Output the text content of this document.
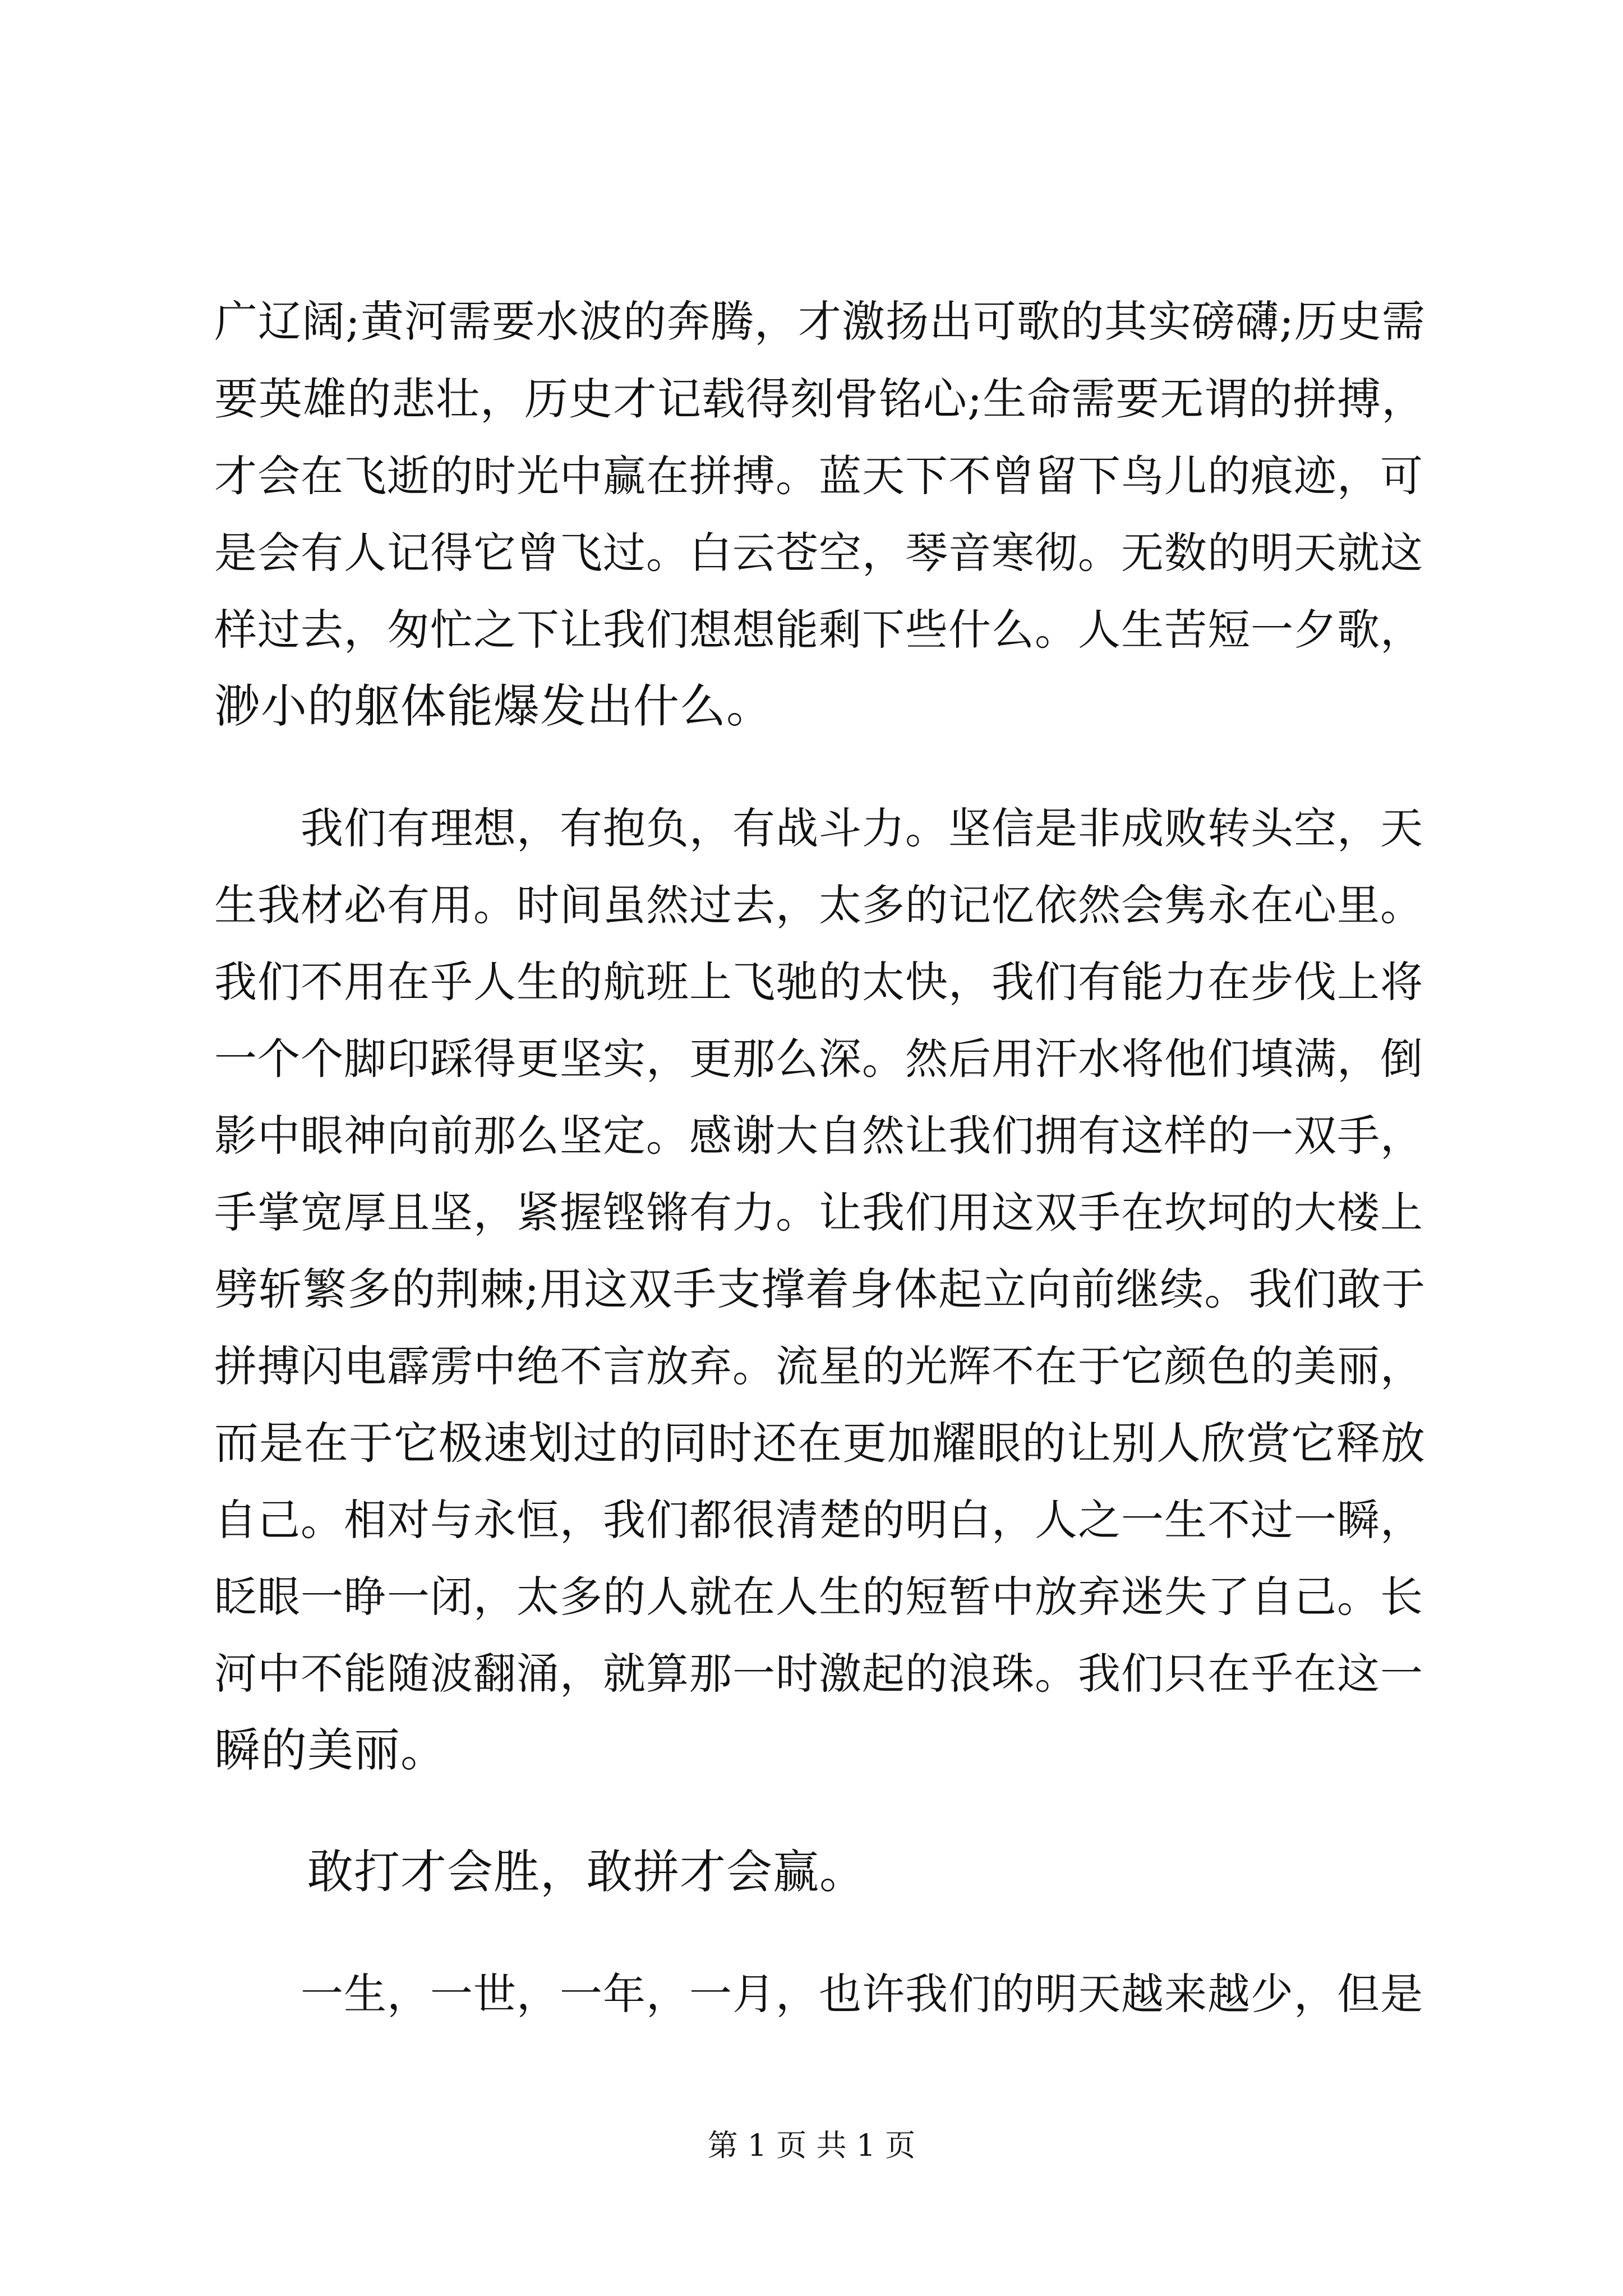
广辽阔;黄河需要水波的奔腾，才激扬出可歌的其实磅礴;历史需
要英雄的悲壮，历史才记载得刻骨铭心;生命需要无谓的拼搏，
才会在飞逝的时光中赢在拼搏。蓝天下不曾留下鸟儿的痕迹，可
是会有人记得它曾飞过。白云苍空，琴音寒彻。无数的明天就这
样过去，匆忙之下让我们想想能剩下些什么。人生苦短一夕歌，
渺小的躯体能爆发出什么。
　　我们有理想，有抱负，有战斗力。坚信是非成败转头空，天
生我材必有用。时间虽然过去，太多的记忆依然会隽永在心里。
我们不用在乎人生的航班上飞驰的太快，我们有能力在步伐上将
一个个脚印踩得更坚实，更那么深。然后用汗水将他们填满，倒
影中眼神向前那么坚定。感谢大自然让我们拥有这样的一双手，
手掌宽厚且坚，紧握铿锵有力。让我们用这双手在坎坷的大楼上
劈斩繁多的荆棘;用这双手支撑着身体起立向前继续。我们敢于
拼搏闪电霹雳中绝不言放弃。流星的光辉不在于它颜色的美丽，
而是在于它极速划过的同时还在更加耀眼的让别人欣赏它释放
自己。相对与永恒，我们都很清楚的明白，人之一生不过一瞬，
眨眼一睁一闭，太多的人就在人生的短暂中放弃迷失了自己。长
河中不能随波翻涌，就算那一时激起的浪珠。我们只在乎在这一
瞬的美丽。
　　敢打才会胜，敢拼才会赢。
　　一生，一世，一年，一月，也许我们的明天越来越少，但是
第 1 页 共 1 页
